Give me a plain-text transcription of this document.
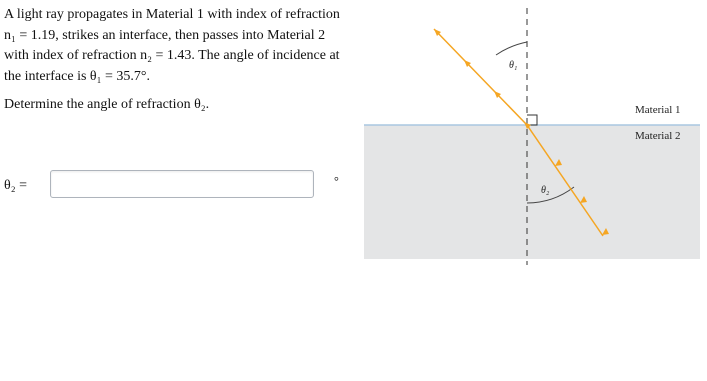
A light ray propagates in Material 1 with index of refraction

n₁ = 1.19, strikes an interface, then passes into Material 2

with index of refraction n₂ = 1.43. The angle of incidence at

the interface is θ₁ = 35.7°.

Determine the angle of refraction θ₂.

θ₂ =	°
θ₁
θ₂
Material 1
Material 2
